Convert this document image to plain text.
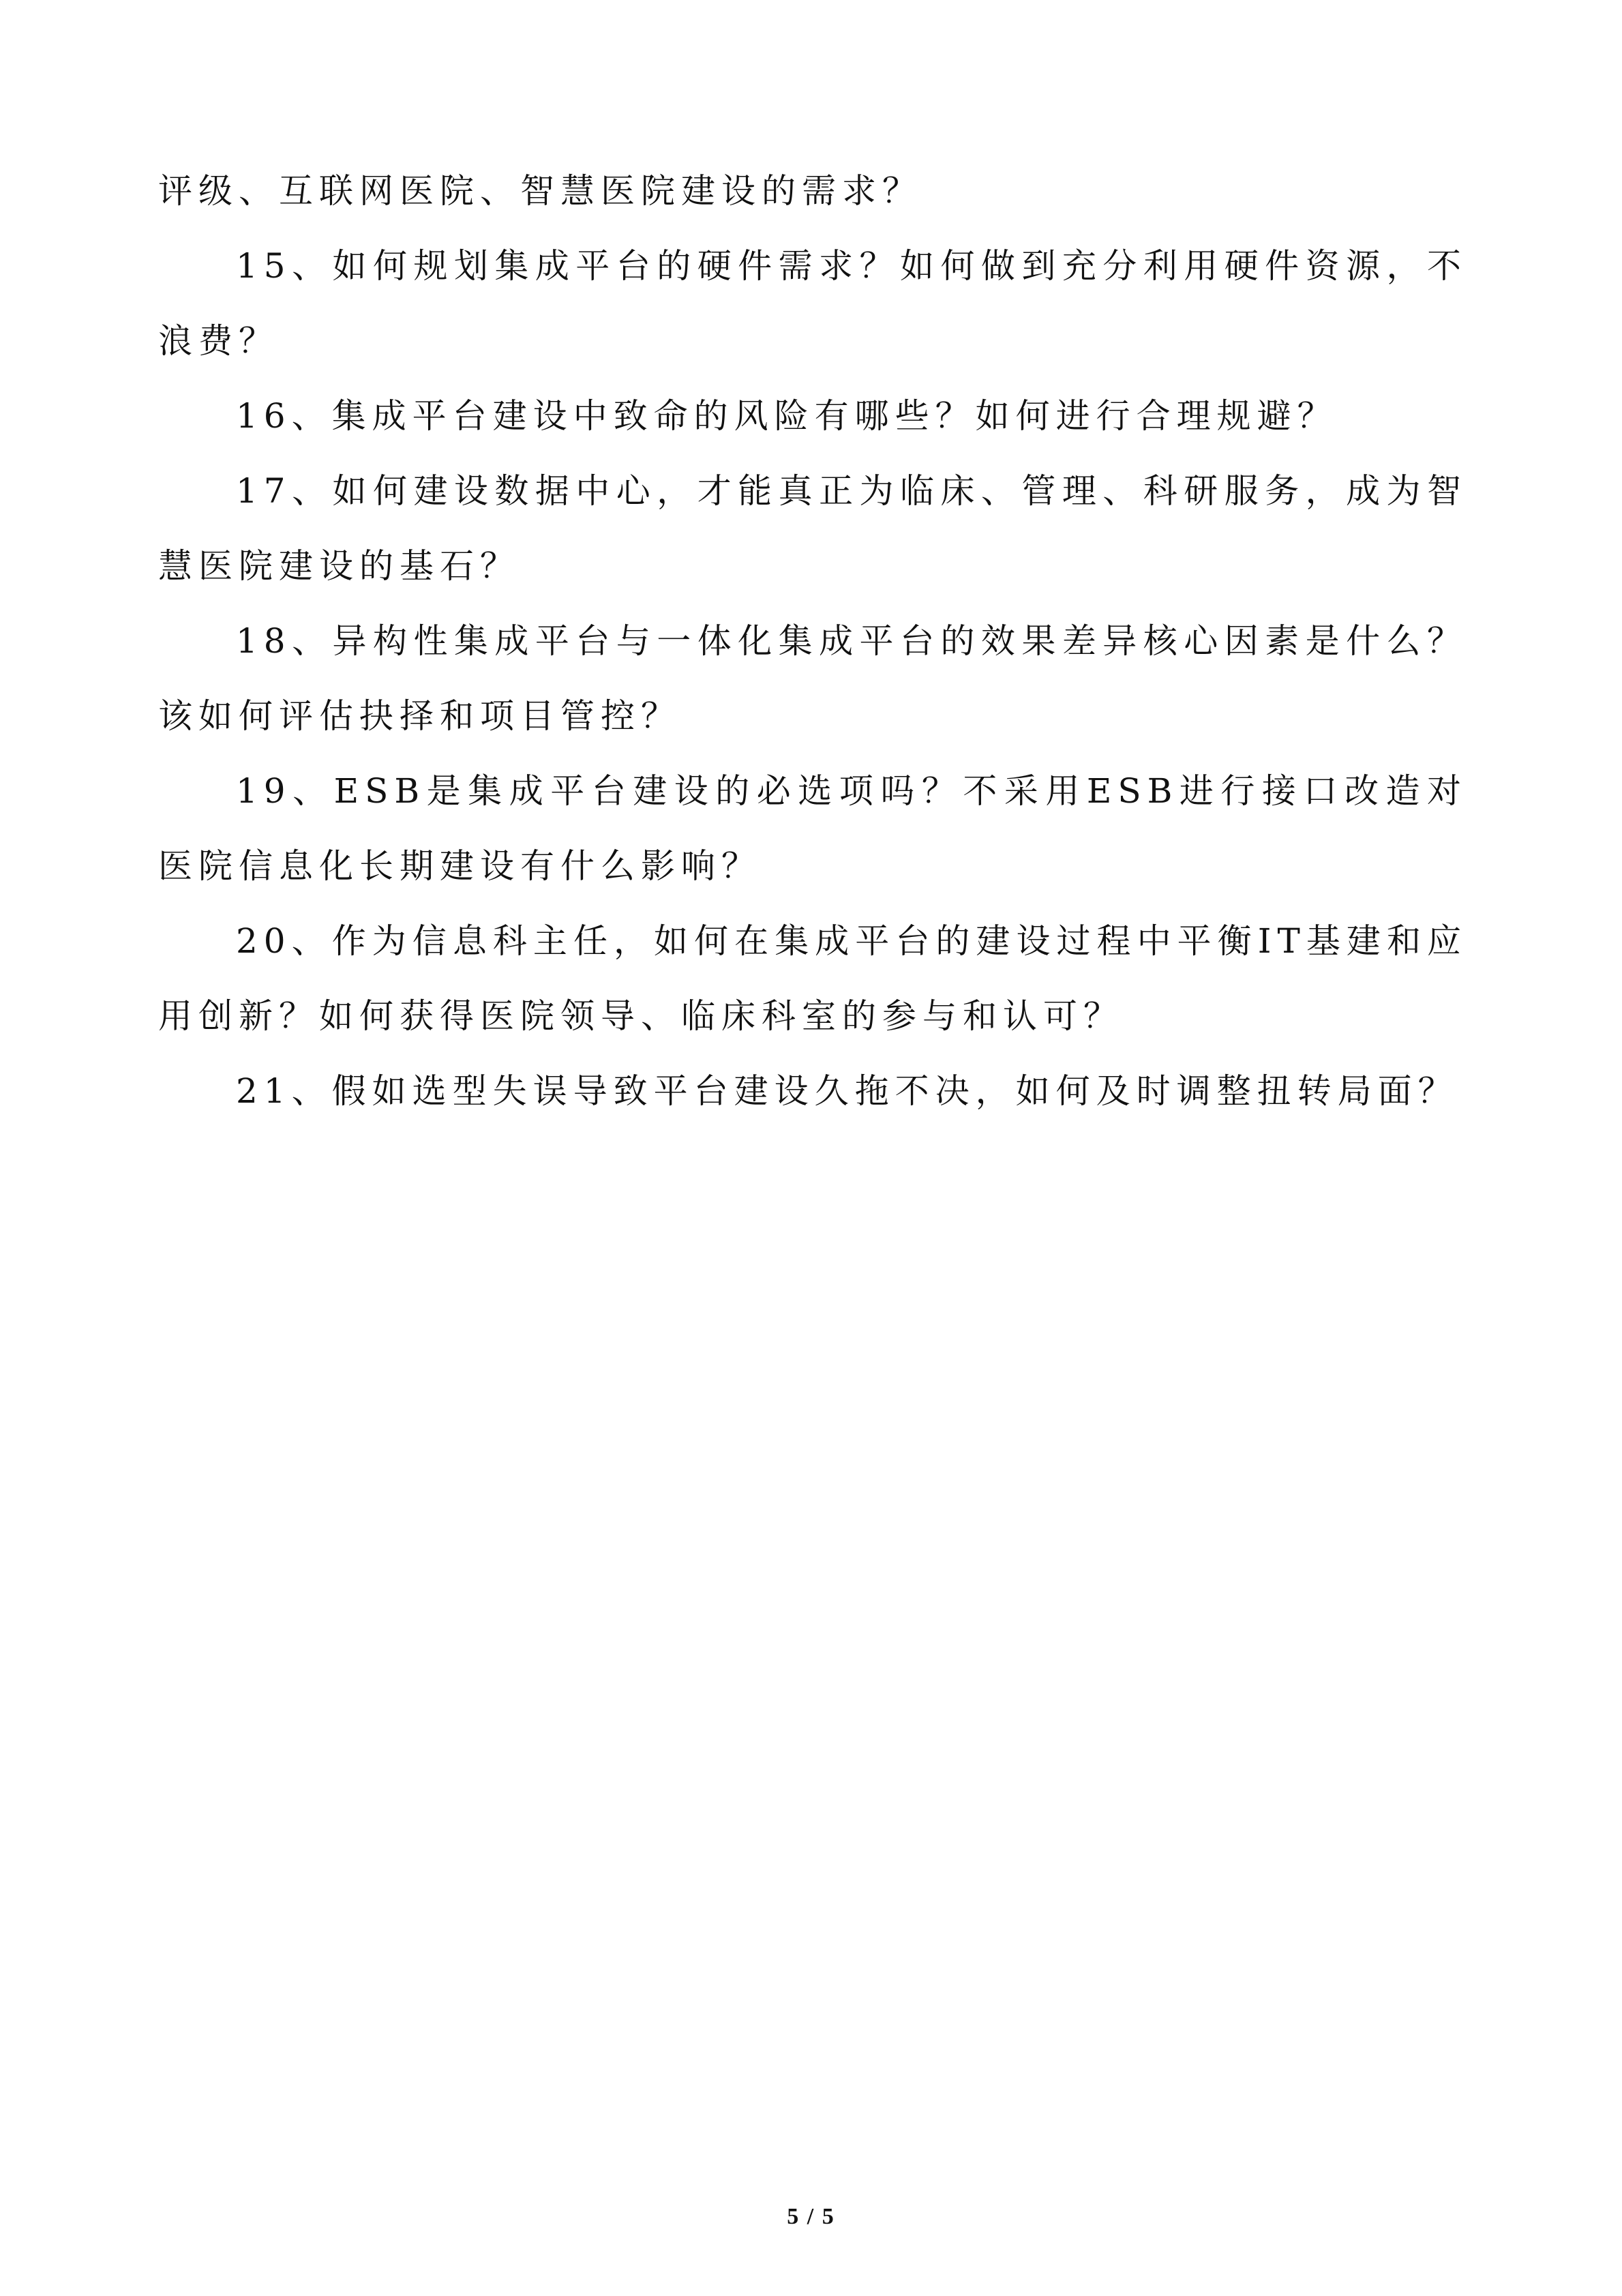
评级、互联网医院、智慧医院建设的需求？

15、如何规划集成平台的硬件需求？如何做到充分利用硬件资源，不浪费？

16、集成平台建设中致命的风险有哪些？如何进行合理规避？

17、如何建设数据中心，才能真正为临床、管理、科研服务，成为智慧医院建设的基石？

18、异构性集成平台与一体化集成平台的效果差异核心因素是什么？该如何评估抉择和项目管控？

19、ESB是集成平台建设的必选项吗？不采用ESB进行接口改造对医院信息化长期建设有什么影响？

20、作为信息科主任，如何在集成平台的建设过程中平衡IT基建和应用创新？如何获得医院领导、临床科室的参与和认可？

21、假如选型失误导致平台建设久拖不决，如何及时调整扭转局面？

5 / 5
